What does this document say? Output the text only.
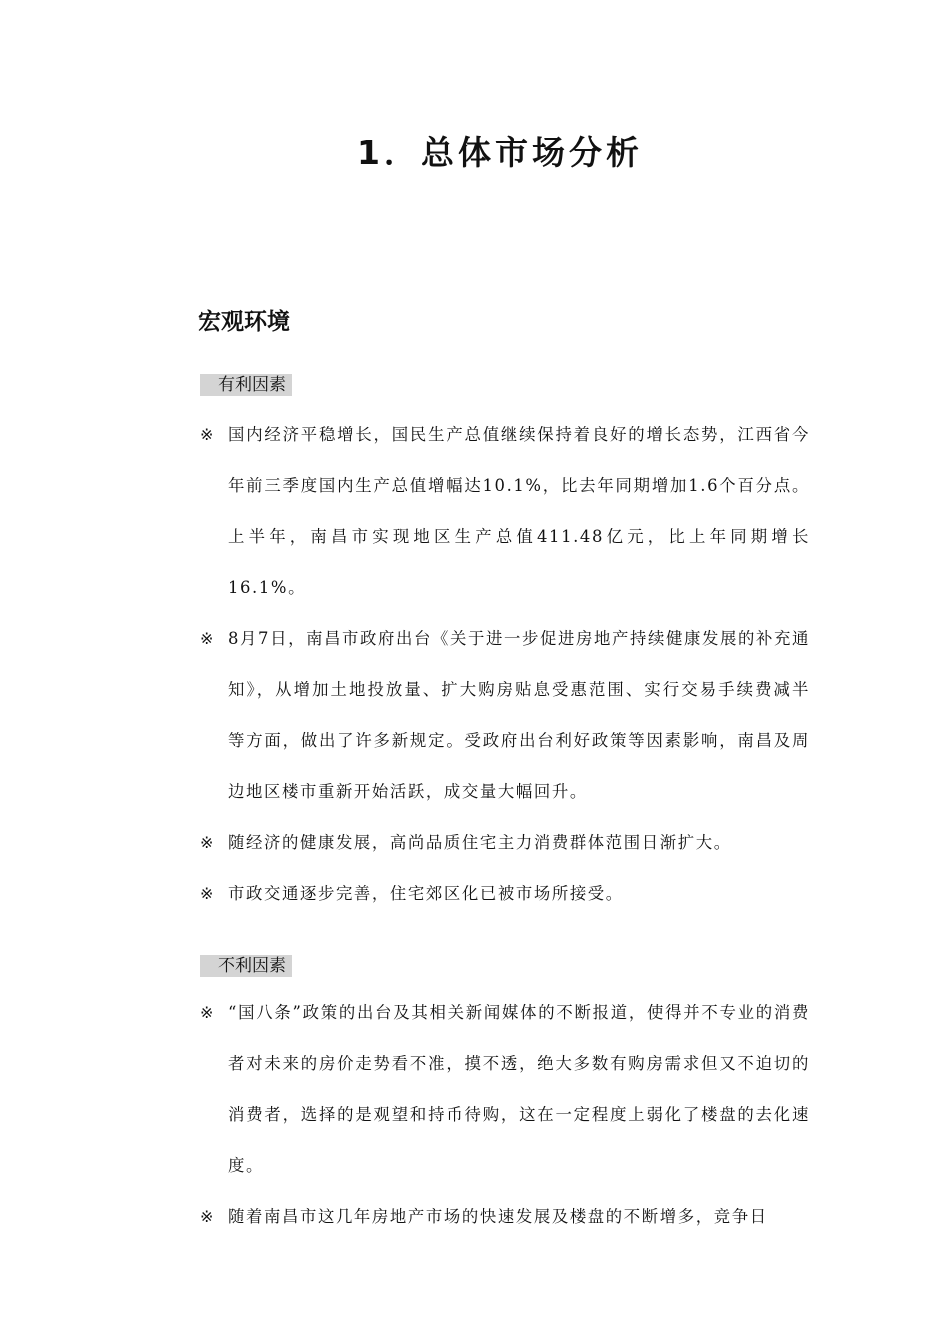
1．总体市场分析
宏观环境
有利因素
※ 国内经济平稳增长，国民生产总值继续保持着良好的增长态势，江西省今年前三季度国内生产总值增幅达10.1%，比去年同期增加1.6个百分点。上半年，南昌市实现地区生产总值411.48亿元，比上年同期增长16.1%。
※ 8月7日，南昌市政府出台《关于进一步促进房地产持续健康发展的补充通知》，从增加土地投放量、扩大购房贴息受惠范围、实行交易手续费减半等方面，做出了许多新规定。受政府出台利好政策等因素影响，南昌及周边地区楼市重新开始活跃，成交量大幅回升。
※ 随经济的健康发展，高尚品质住宅主力消费群体范围日渐扩大。
※ 市政交通逐步完善，住宅郊区化已被市场所接受。
不利因素
※ “国八条”政策的出台及其相关新闻媒体的不断报道，使得并不专业的消费者对未来的房价走势看不准，摸不透，绝大多数有购房需求但又不迫切的消费者，选择的是观望和持币待购，这在一定程度上弱化了楼盘的去化速度。
※ 随着南昌市这几年房地产市场的快速发展及楼盘的不断增多，竞争日
